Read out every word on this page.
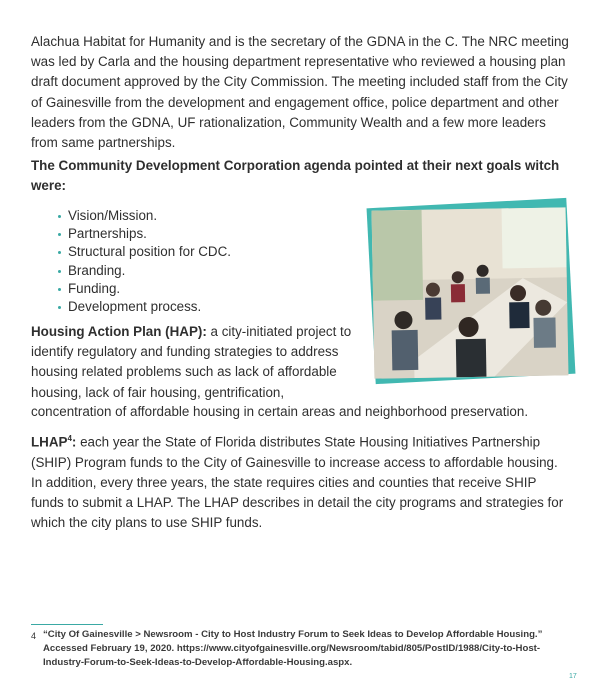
Alachua Habitat for Humanity and is the secretary of the GDNA in the C. The NRC meeting was led by Carla and the housing department representative who reviewed a housing plan draft document approved by the City Commission. The meeting included staff from the City of Gainesville from the development and engagement office, police department and other leaders from the GDNA, UF rationalization, Community Wealth and a few more leaders from same partnerships.

The Community Development Corporation agenda pointed at their next goals witch were:

Vision/Mission.
Partnerships.
Structural position for CDC.
Branding.
Funding.
Development process.

Housing Action Plan (HAP): a city-initiated project to identify regulatory and funding strategies to address housing related problems such as lack of affordable housing, lack of fair housing, gentrification,

concentration of affordable housing in certain areas and neighborhood preservation.

LHAP$^4$: each year the State of Florida distributes State Housing Initiatives Partnership (SHIP) Program funds to the City of Gainesville to increase access to affordable housing. In addition, every three years, the state requires cities and counties that receive SHIP funds to submit a LHAP. The LHAP describes in detail the city programs and strategies for which the city plans to use SHIP funds.

4 “City Of Gainesville > Newsroom - City to Host Industry Forum to Seek Ideas to Develop Affordable Housing.” Accessed February 19, 2020. https://www.cityofgainesville.org/Newsroom/tabid/805/PostID/1988/City-to-Host-Industry-Forum-to-Seek-Ideas-to-Develop-Affordable-Housing.aspx.

17
